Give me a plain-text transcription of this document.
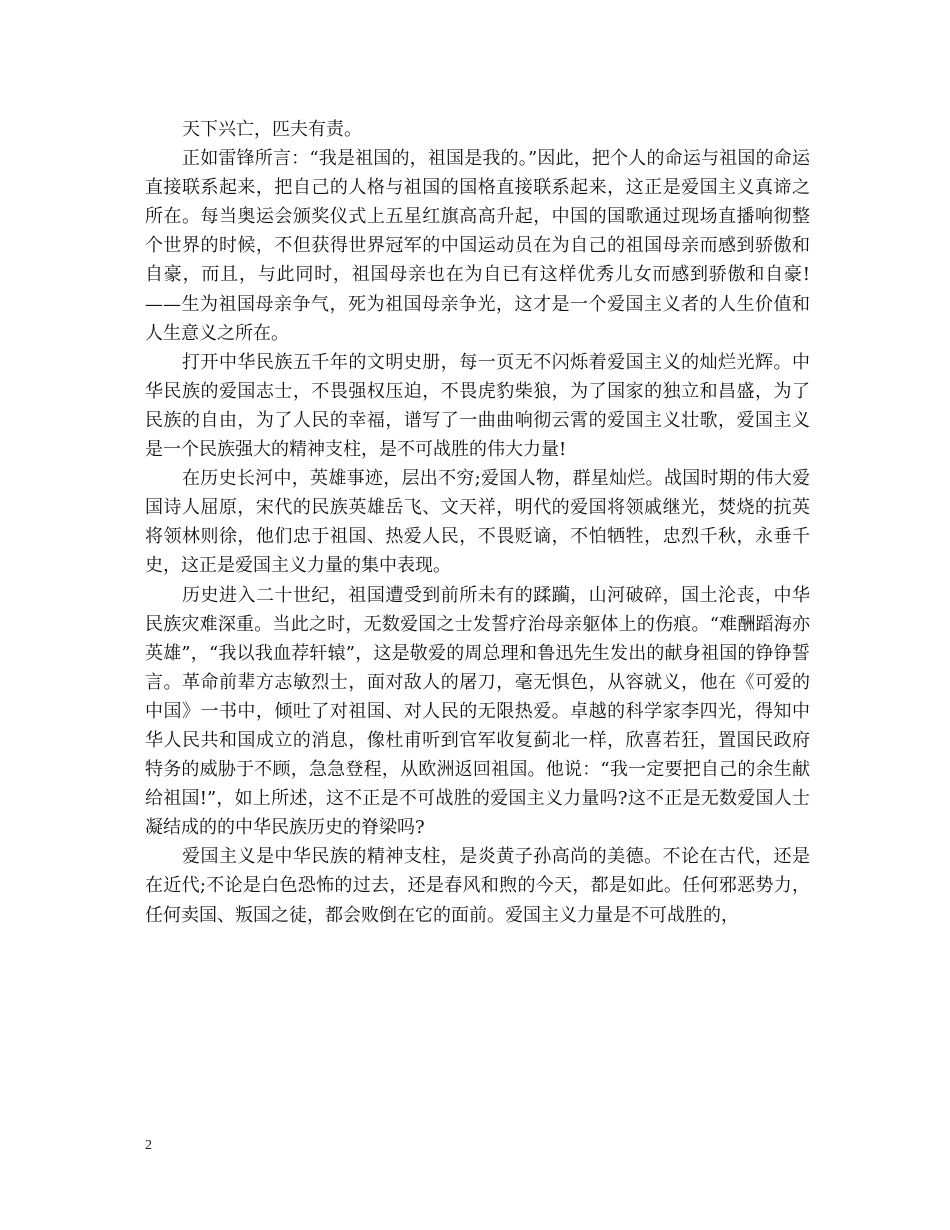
天下兴亡，匹夫有责。

正如雷锋所言：“我是祖国的，祖国是我的。”因此，把个人的命运与祖国的命运直接联系起来，把自己的人格与祖国的国格直接联系起来，这正是爱国主义真谛之所在。每当奥运会颁奖仪式上五星红旗高高升起，中国的国歌通过现场直播响彻整个世界的时候，不但获得世界冠军的中国运动员在为自己的祖国母亲而感到骄傲和自豪，而且，与此同时，祖国母亲也在为自已有这样优秀儿女而感到骄傲和自豪!——生为祖国母亲争气，死为祖国母亲争光，这才是一个爱国主义者的人生价值和人生意义之所在。

打开中华民族五千年的文明史册，每一页无不闪烁着爱国主义的灿烂光辉。中华民族的爱国志士，不畏强权压迫，不畏虎豹柴狼，为了国家的独立和昌盛，为了民族的自由，为了人民的幸福，谱写了一曲曲响彻云霄的爱国主义壮歌，爱国主义是一个民族强大的精神支柱，是不可战胜的伟大力量!

在历史长河中，英雄事迹，层出不穷;爱国人物，群星灿烂。战国时期的伟大爱国诗人屈原，宋代的民族英雄岳飞、文天祥，明代的爱国将领戚继光，焚烧的抗英将领林则徐，他们忠于祖国、热爱人民，不畏贬谪，不怕牺牲，忠烈千秋，永垂千史，这正是爱国主义力量的集中表现。

历史进入二十世纪，祖国遭受到前所未有的蹂躏，山河破碎，国土沦丧，中华民族灾难深重。当此之时，无数爱国之士发誓疗治母亲躯体上的伤痕。“难酬蹈海亦英雄”，“我以我血荐轩辕”，这是敬爱的周总理和鲁迅先生发出的献身祖国的铮铮誓言。革命前辈方志敏烈士，面对敌人的屠刀，毫无惧色，从容就义，他在《可爱的中国》一书中，倾吐了对祖国、对人民的无限热爱。卓越的科学家李四光，得知中华人民共和国成立的消息，像杜甫听到官军收复蓟北一样，欣喜若狂，置国民政府特务的威胁于不顾，急急登程，从欧洲返回祖国。他说：“我一定要把自己的余生献给祖国!”，如上所述，这不正是不可战胜的爱国主义力量吗?这不正是无数爱国人士凝结成的的中华民族历史的脊梁吗?

爱国主义是中华民族的精神支柱，是炎黄子孙高尚的美德。不论在古代，还是在近代;不论是白色恐怖的过去，还是春风和煦的今天，都是如此。任何邪恶势力，任何卖国、叛国之徒，都会败倒在它的面前。爱国主义力量是不可战胜的，

2
